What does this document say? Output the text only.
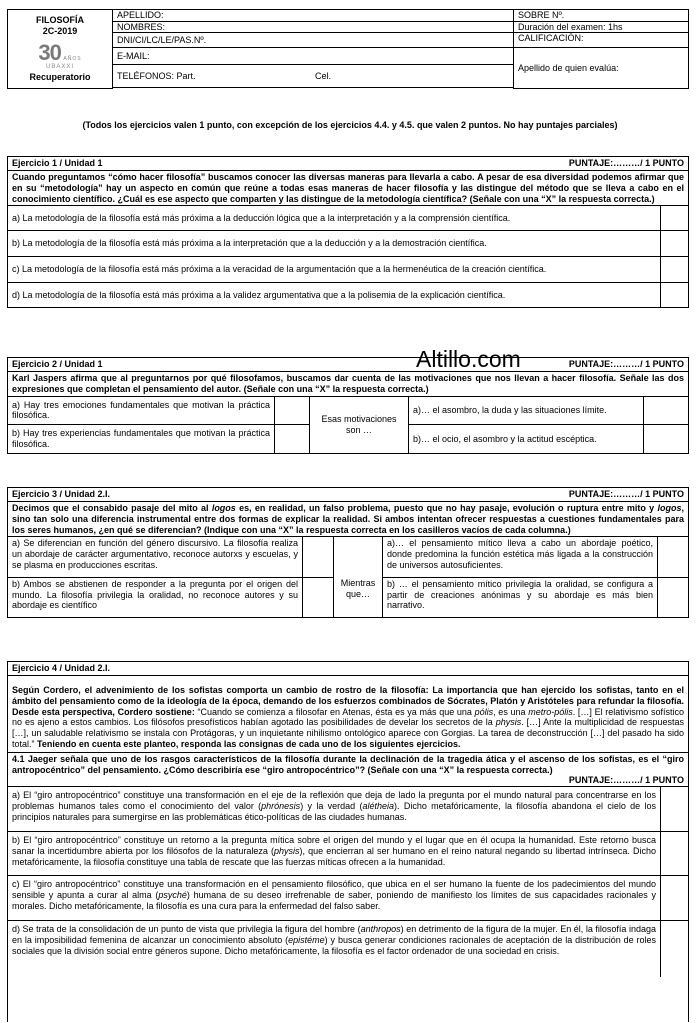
FILOSOFÍA
2C-2019
30 AÑOS
UBAXXI
Recuperatorio	APELLIDO:		SOBRE Nº.
	NOMBRES:		Duración del examen: 1hs
	DNI/CI/LC/LE/PAS.Nº.		CALIFICACIÓN:
	E-MAIL:		Apellido de quien evalúa:
	TELÉFONOS: Part.	Cel.	

(Todos los ejercicios valen 1 punto, con excepción de los ejercicios 4.4. y 4.5. que valen 2 puntos. No hay puntajes parciales)
Ejercicio 1 / Unidad 1	PUNTAJE:………/ 1 PUNTO
Cuando preguntamos “cómo hacer filosofía” buscamos conocer las diversas maneras para llevarla a cabo. A pesar de esa diversidad podemos afirmar que en su “metodología” hay un aspecto en común que reúne a todas esas maneras de hacer filosofía y las distingue del método que se lleva a cabo en el conocimiento científico. ¿Cuál es ese aspecto que comparten y las distingue de la metodología científica? (Señale con una “X” la respuesta correcta.)
a) La metodología de la filosofía está más próxima a la deducción lógica que a la interpretación y a la comprensión científica.
b) La metodología de la filosofía está más próxima a la interpretación que a la deducción y a la demostración científica.
c) La metodología de la filosofía está más próxima a la veracidad de la argumentación que a la hermenéutica de la creación científica.
d) La metodología de la filosofía está más próxima a la validez argumentativa que a la polisemia de la explicación científica.
Altillo.com
Ejercicio 2 / Unidad 1	PUNTAJE:………/ 1 PUNTO
Karl Jaspers afirma que al preguntarnos por qué filosofamos, buscamos dar cuenta de las motivaciones que nos llevan a hacer filosofía. Señale las dos expresiones que completan el pensamiento del autor. (Señale con una “X” la respuesta correcta.)
a) Hay tres emociones fundamentales que motivan la práctica filosófica.		Esas motivaciones son …	a)… el asombro, la duda y las situaciones límite.	
b) Hay tres experiencias fundamentales que motivan la práctica filosófica.			b)… el ocio, el asombro y la actitud escéptica.	
Ejercicio 3 / Unidad 2.I.	PUNTAJE:………/ 1 PUNTO
Decimos que el consabido pasaje del mito al logos es, en realidad, un falso problema, puesto que no hay pasaje, evolución o ruptura entre mito y logos, sino tan solo una diferencia instrumental entre dos formas de explicar la realidad. Si ambos intentan ofrecer respuestas a cuestiones fundamentales para los seres humanos, ¿en qué se diferencian? (Indique con una “X” la respuesta correcta en los casilleros vacíos de cada columna.)
a) Se diferencian en función del género discursivo. La filosofía realiza un abordaje de carácter argumentativo, reconoce autorxs y escuelas, y se plasma en producciones escritas.		Mientras que…	a)… el pensamiento mítico lleva a cabo un abordaje poético, donde predomina la función estética más ligada a la construcción de universos autosuficientes.	
b) Ambos se abstienen de responder a la pregunta por el origen del mundo. La filosofía privilegia la oralidad, no reconoce autores y su abordaje es científico			b) … el pensamiento mítico privilegia la oralidad, se configura a partir de creaciones anónimas y su abordaje es más bien narrativo.	
Ejercicio 4 / Unidad 2.I.
Según Cordero, el advenimiento de los sofistas comporta un cambio de rostro de la filosofía: La importancia que han ejercido los sofistas, tanto en el ámbito del pensamiento como de la ideología de la época, demando de los esfuerzos combinados de Sócrates, Platón y Aristóteles para refundar la filosofía. Desde esta perspectiva, Cordero sostiene: “Cuando se comienza a filosofar en Atenas, ésta es ya más que una pólis, es una metro-pólis. […] El relativismo sofístico no es ajeno a estos cambios. Los filósofos presofísticos habían agotado las posibilidades de develar los secretos de la physis. […] Ante la multiplicidad de respuestas […], un saludable relativismo se instala con Protágoras, y un inquietante nihilismo ontológico aparece con Gorgias. La tarea de deconstrucción […] del pasado ha sido total.” Teniendo en cuenta este planteo, responda las consignas de cada uno de los siguientes ejercicios.
4.1 Jaeger señala que uno de los rasgos característicos de la filosofía durante la declinación de la tragedia ática y el ascenso de los sofistas, es el “giro antropocéntrico” del pensamiento. ¿Cómo describiría ese “giro antropocéntrico”? (Señale con una “X” la respuesta correcta.)
PUNTAJE:………/ 1 PUNTO
a) El “giro antropocéntrico” constituye una transformación en el eje de la reflexión que deja de lado la pregunta por el mundo natural para concentrarse en los problemas humanos tales como el conocimiento del valor (phrónesis) y la verdad (alétheia). Dicho metafóricamente, la filosofía abandona el cielo de los principios naturales para sumergirse en las problemáticas ético-políticas de las ciudades humanas.
b) El “giro antropocéntrico” constituye un retorno a la pregunta mítica sobre el origen del mundo y el lugar que en él ocupa la humanidad. Este retorno busca sanar la incertidumbre abierta por los filósofos de la naturaleza (physis), que encierran al ser humano en el reino natural negando su libertad intrínseca. Dicho metafóricamente, la filosofía constituye una tabla de rescate que las fuerzas míticas ofrecen a la humanidad.
c) El “giro antropocéntrico” constituye una transformación en el pensamiento filosófico, que ubica en el ser humano la fuente de los padecimientos del mundo sensible y apunta a curar al alma (psyché) humana de su deseo irrefrenable de saber, poniendo de manifiesto los límites de sus capacidades racionales y morales. Dicho metafóricamente, la filosofía es una cura para la enfermedad del falso saber.
d) Se trata de la consolidación de un punto de vista que privilegia la figura del hombre (anthropos) en detrimento de la figura de la mujer. En él, la filosofía indaga en la imposibilidad femenina de alcanzar un conocimiento absoluto (epistéme) y busca generar condiciones racionales de aceptación de la distribución de roles sociales que la división social entre géneros supone. Dicho metafóricamente, la filosofía es el factor ordenador de una sociedad en crisis.
